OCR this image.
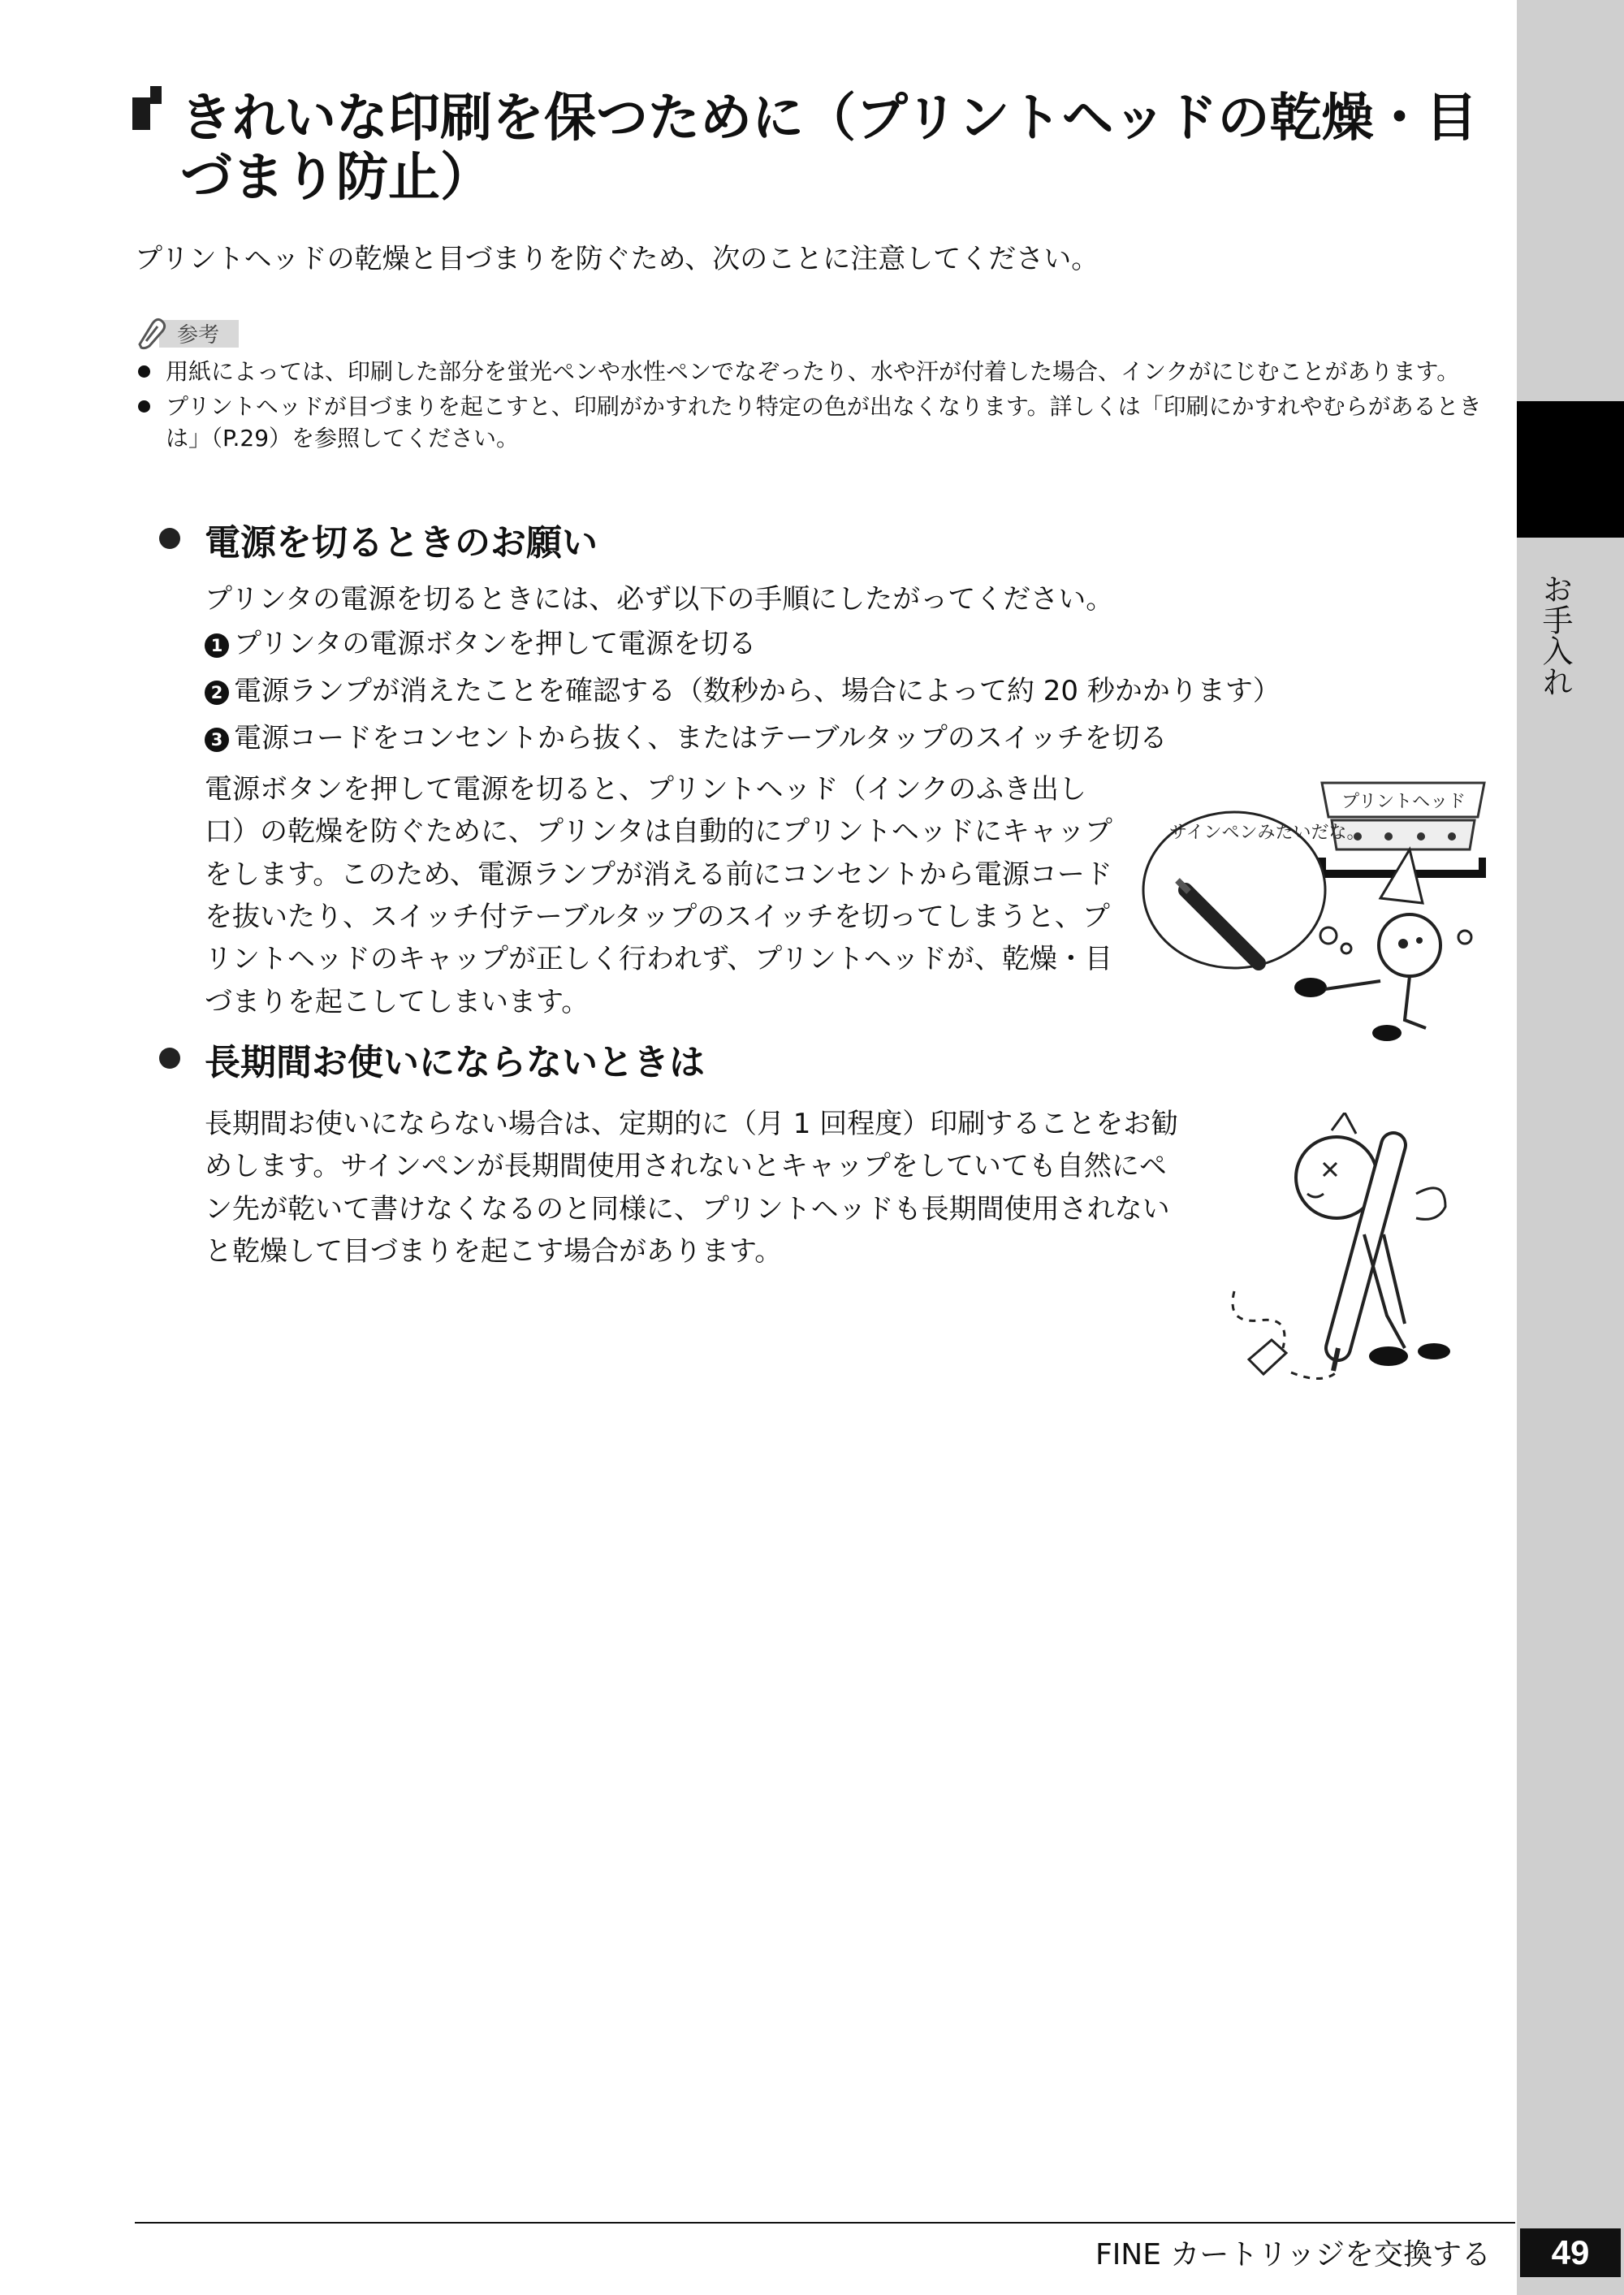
お手入れ
きれいな印刷を保つために（プリントヘッドの乾燥・目づまり防止）

プリントヘッドの乾燥と目づまりを防ぐため、次のことに注意してください。

参考
用紙によっては、印刷した部分を蛍光ペンや水性ペンでなぞったり、水や汗が付着した場合、インクがにじむことがあります。
プリントヘッドが目づまりを起こすと、印刷がかすれたり特定の色が出なくなります。詳しくは「印刷にかすれやむらがあるときは」（P.29）を参照してください。
電源を切るときのお願い

プリンタの電源を切るときには、必ず以下の手順にしたがってください。

1 プリンタの電源ボタンを押して電源を切る

2 電源ランプが消えたことを確認する（数秒から、場合によって約 20 秒かかります）

3 電源コードをコンセントから抜く、またはテーブルタップのスイッチを切る

電源ボタンを押して電源を切ると、プリントヘッド（インクのふき出し口）の乾燥を防ぐために、プリンタは自動的にプリントヘッドにキャップをします。このため、電源ランプが消える前にコンセントから電源コードを抜いたり、スイッチ付テーブルタップのスイッチを切ってしまうと、プリントヘッドのキャップが正しく行われず、プリントヘッドが、乾燥・目づまりを起こしてしまいます。

プリントヘッド
サインペンみたいだな。
長期間お使いにならないときは

長期間お使いにならない場合は、定期的に（月 1 回程度）印刷することをお勧めします。サインペンが長期間使用されないとキャップをしていても自然にペン先が乾いて書けなくなるのと同様に、プリントヘッドも長期間使用されないと乾燥して目づまりを起こす場合があります。

FINE カートリッジを交換する	49
